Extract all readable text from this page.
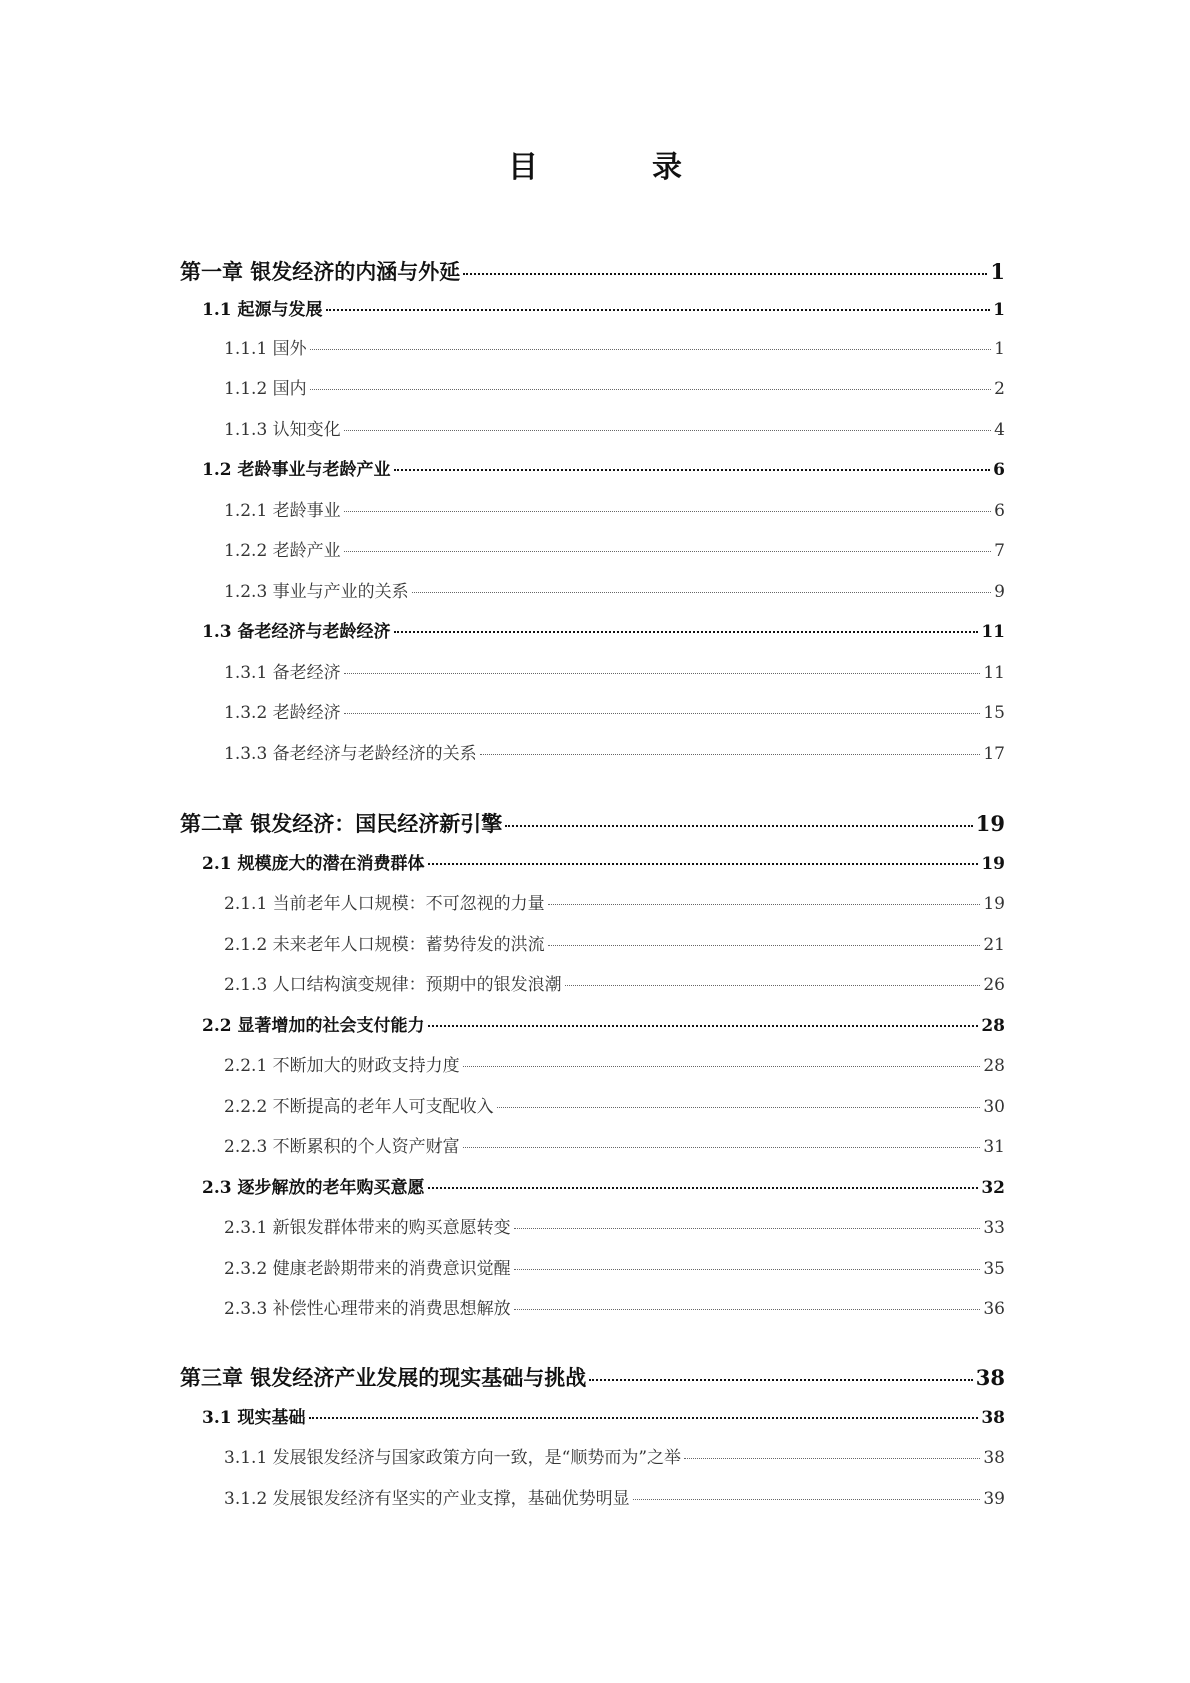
目　录
第一章 银发经济的内涵与外延	1
1.1 起源与发展	1
1.1.1 国外	1
1.1.2 国内	2
1.1.3 认知变化	4
1.2 老龄事业与老龄产业	6
1.2.1 老龄事业	6
1.2.2 老龄产业	7
1.2.3 事业与产业的关系	9
1.3 备老经济与老龄经济	11
1.3.1 备老经济	11
1.3.2 老龄经济	15
1.3.3 备老经济与老龄经济的关系	17
第二章 银发经济：国民经济新引擎	19
2.1 规模庞大的潜在消费群体	19
2.1.1 当前老年人口规模：不可忽视的力量	19
2.1.2 未来老年人口规模：蓄势待发的洪流	21
2.1.3 人口结构演变规律：预期中的银发浪潮	26
2.2 显著增加的社会支付能力	28
2.2.1 不断加大的财政支持力度	28
2.2.2 不断提高的老年人可支配收入	30
2.2.3 不断累积的个人资产财富	31
2.3 逐步解放的老年购买意愿	32
2.3.1 新银发群体带来的购买意愿转变	33
2.3.2 健康老龄期带来的消费意识觉醒	35
2.3.3 补偿性心理带来的消费思想解放	36
第三章 银发经济产业发展的现实基础与挑战	38
3.1 现实基础	38
3.1.1 发展银发经济与国家政策方向一致，是“顺势而为”之举	38
3.1.2 发展银发经济有坚实的产业支撑，基础优势明显	39
